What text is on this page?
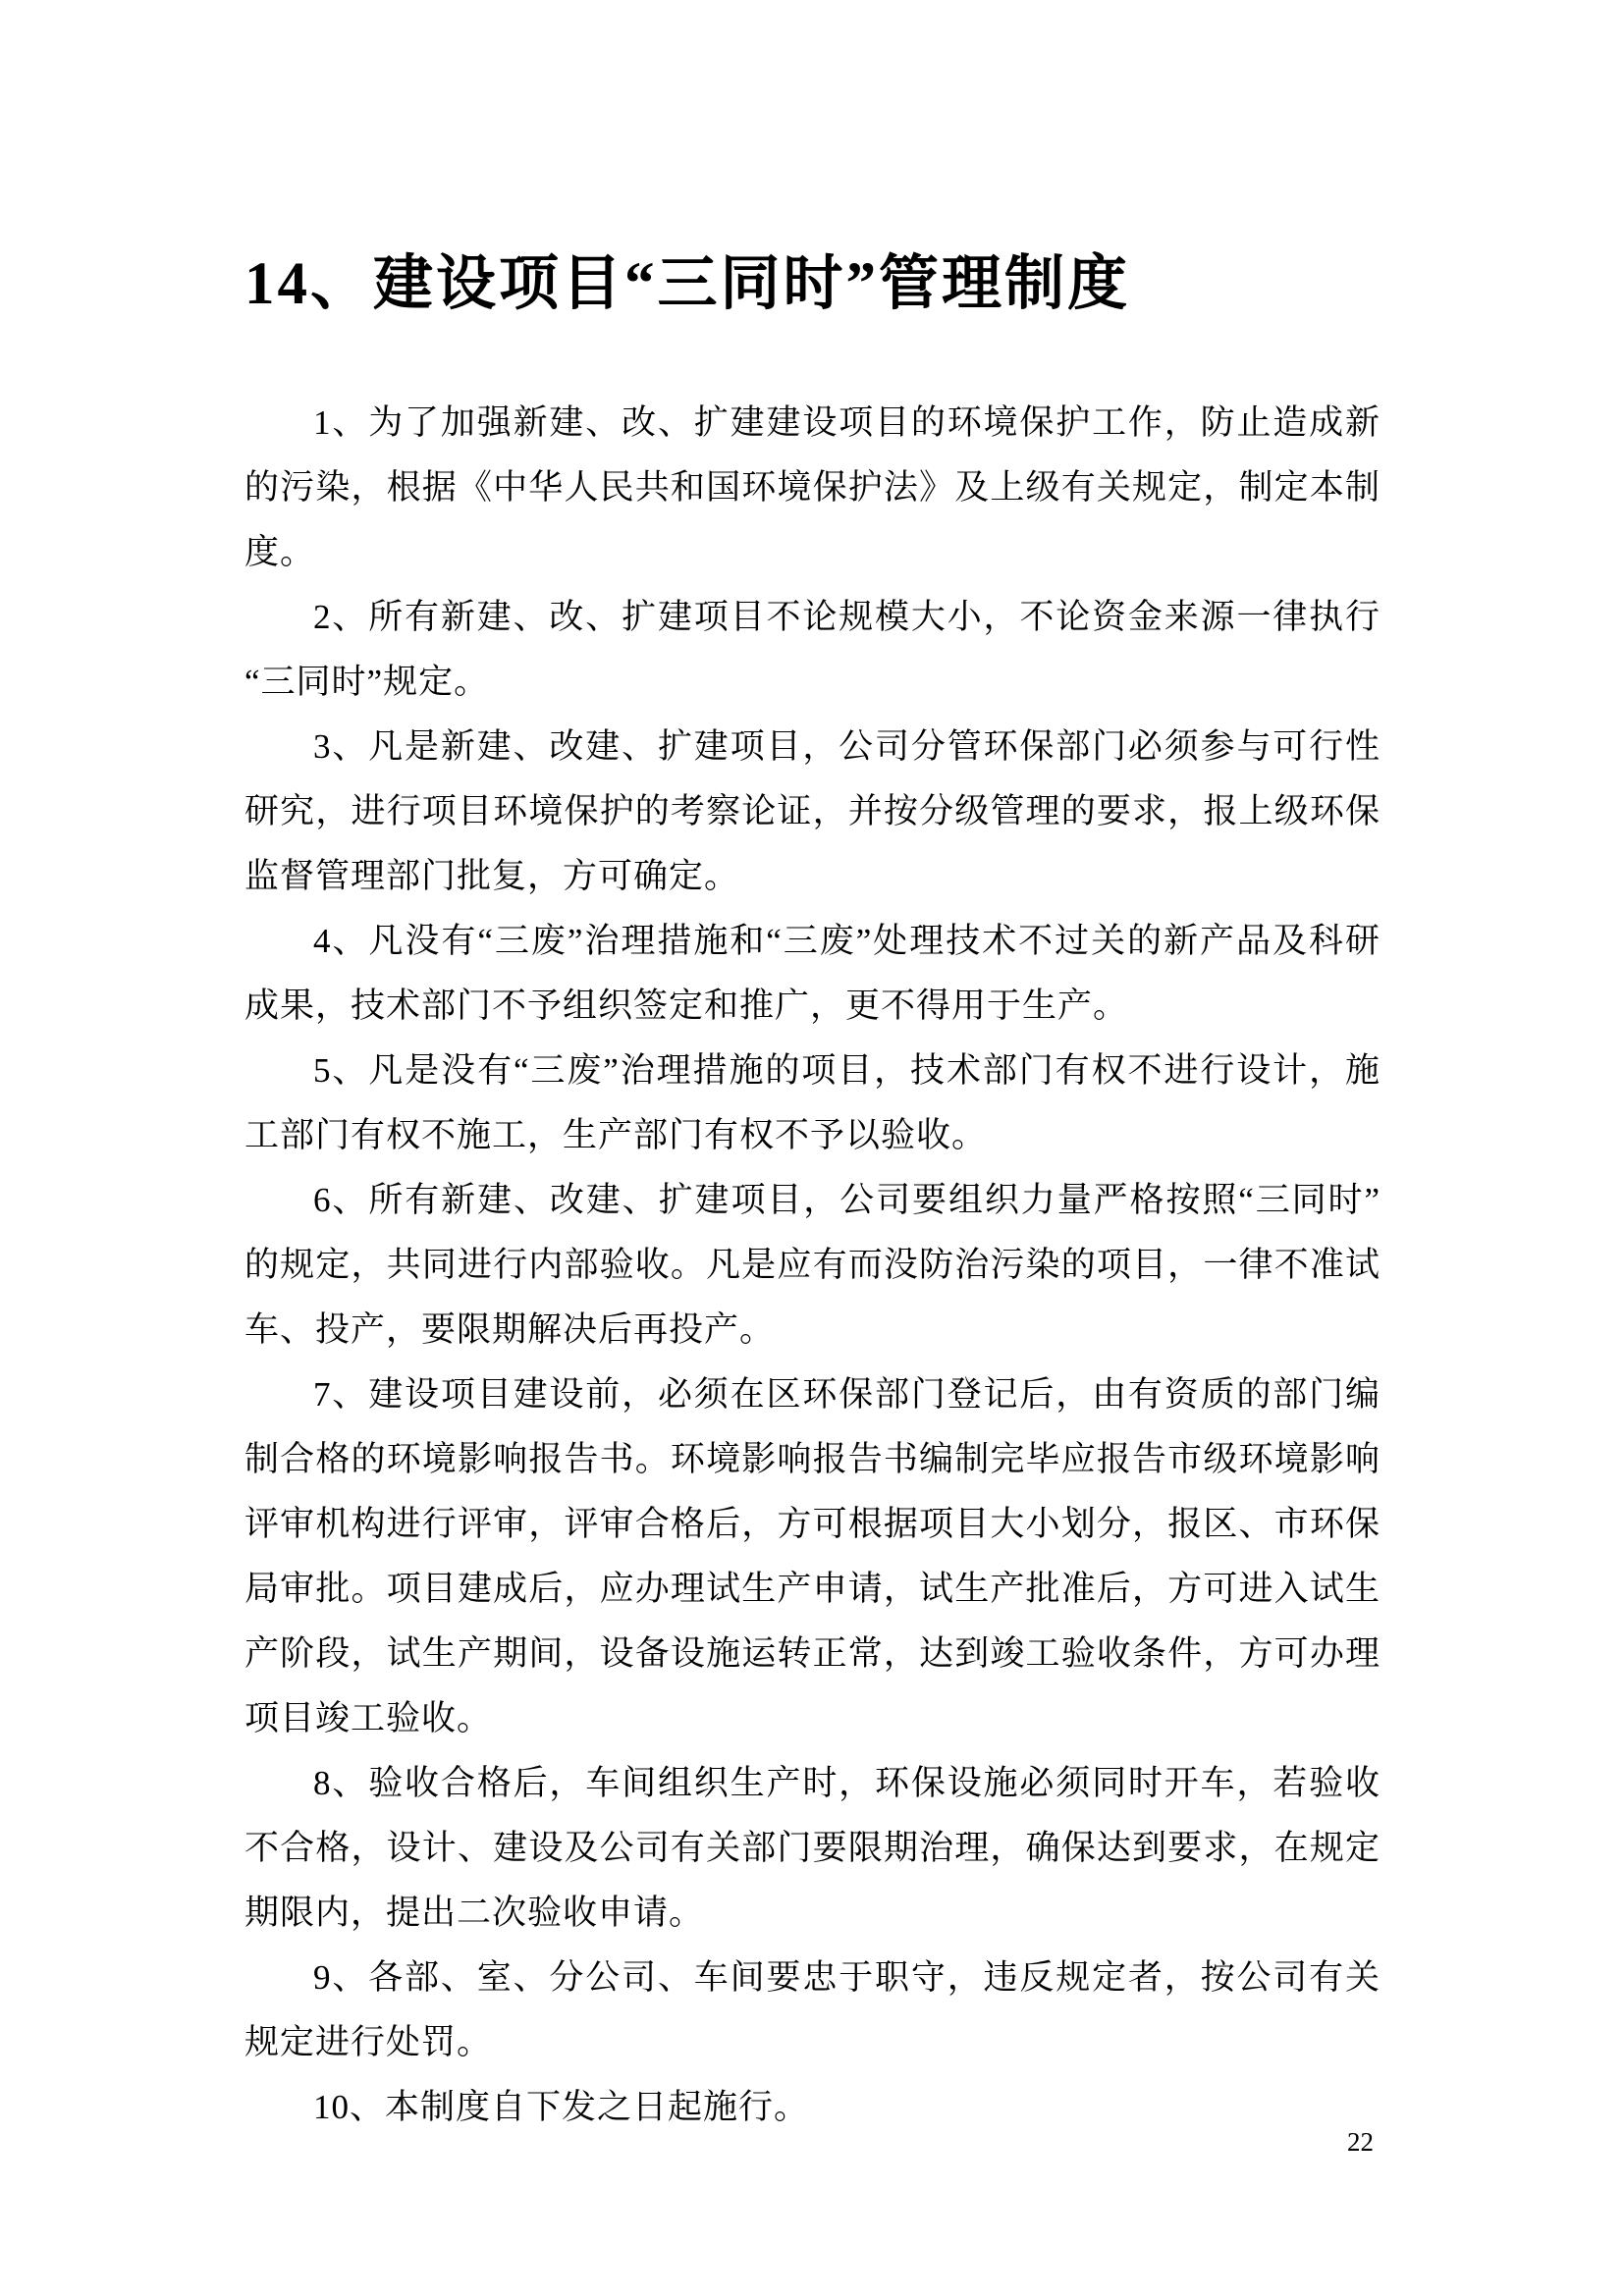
14、建设项目“三同时”管理制度

1、为了加强新建、改、扩建建设项目的环境保护工作，防止造成新的污染，根据《中华人民共和国环境保护法》及上级有关规定，制定本制度。

2、所有新建、改、扩建项目不论规模大小，不论资金来源一律执行“三同时”规定。

3、凡是新建、改建、扩建项目，公司分管环保部门必须参与可行性研究，进行项目环境保护的考察论证，并按分级管理的要求，报上级环保监督管理部门批复，方可确定。

4、凡没有“三废”治理措施和“三废”处理技术不过关的新产品及科研成果，技术部门不予组织签定和推广，更不得用于生产。

5、凡是没有“三废”治理措施的项目，技术部门有权不进行设计，施工部门有权不施工，生产部门有权不予以验收。

6、所有新建、改建、扩建项目，公司要组织力量严格按照“三同时”的规定，共同进行内部验收。凡是应有而没防治污染的项目，一律不准试车、投产，要限期解决后再投产。

7、建设项目建设前，必须在区环保部门登记后，由有资质的部门编制合格的环境影响报告书。环境影响报告书编制完毕应报告市级环境影响评审机构进行评审，评审合格后，方可根据项目大小划分，报区、市环保局审批。项目建成后，应办理试生产申请，试生产批准后，方可进入试生产阶段，试生产期间，设备设施运转正常，达到竣工验收条件，方可办理项目竣工验收。

8、验收合格后，车间组织生产时，环保设施必须同时开车，若验收不合格，设计、建设及公司有关部门要限期治理，确保达到要求，在规定期限内，提出二次验收申请。

9、各部、室、分公司、车间要忠于职守，违反规定者，按公司有关规定进行处罚。

10、本制度自下发之日起施行。

22
